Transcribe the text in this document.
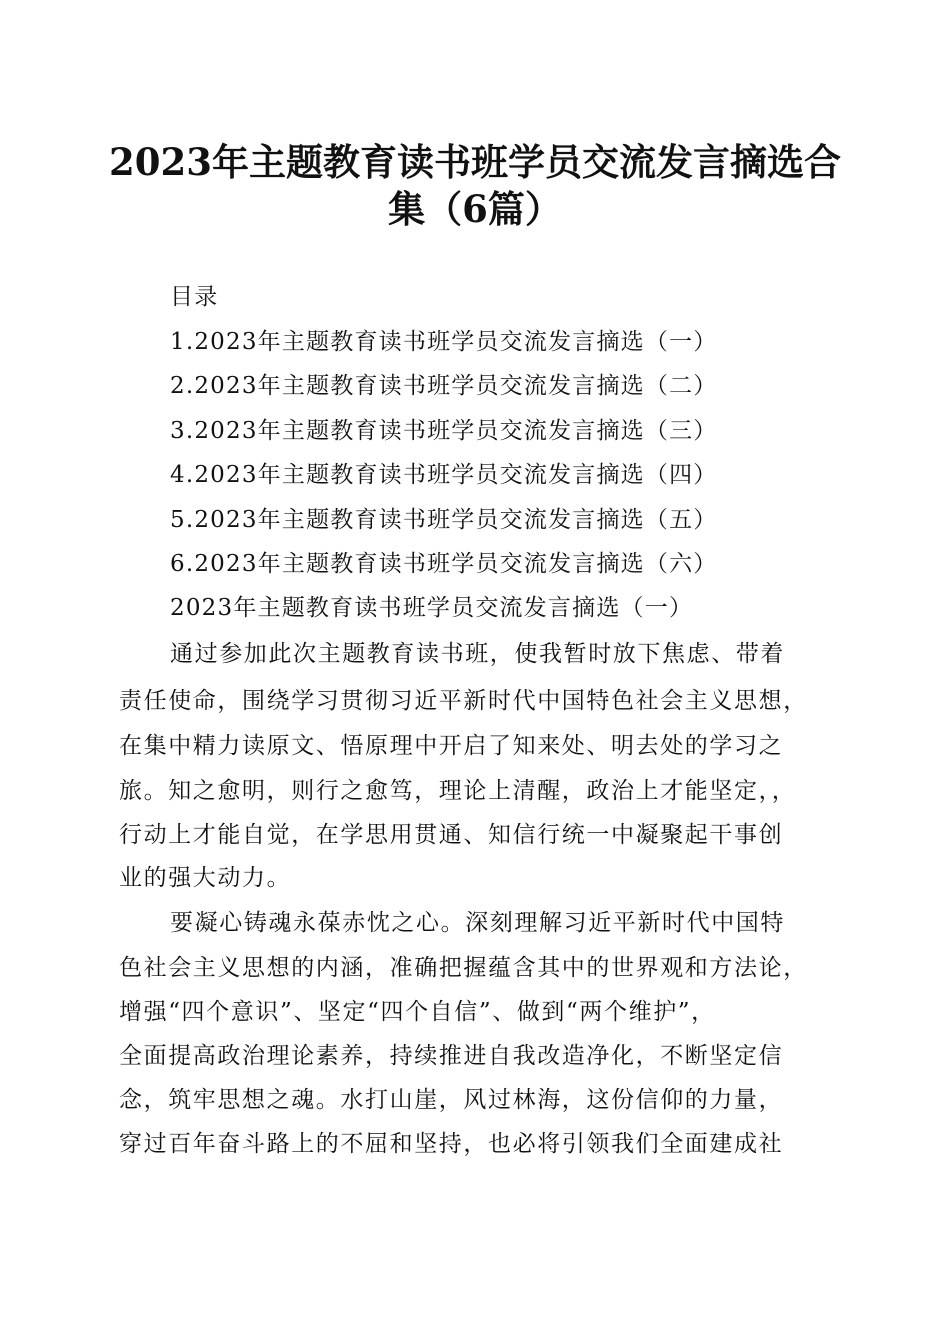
2023年主题教育读书班学员交流发言摘选合
集（6篇）

目录

1.2023年主题教育读书班学员交流发言摘选（一）

2.2023年主题教育读书班学员交流发言摘选（二）

3.2023年主题教育读书班学员交流发言摘选（三）

4.2023年主题教育读书班学员交流发言摘选（四）

5.2023年主题教育读书班学员交流发言摘选（五）

6.2023年主题教育读书班学员交流发言摘选（六）

2023年主题教育读书班学员交流发言摘选（一）

通过参加此次主题教育读书班，使我暂时放下焦虑、带着

责任使命，围绕学习贯彻习近平新时代中国特色社会主义思想，

在集中精力读原文、悟原理中开启了知来处、明去处的学习之

旅。知之愈明，则行之愈笃，理论上清醒，政治上才能坚定，，

行动上才能自觉，在学思用贯通、知信行统一中凝聚起干事创

业的强大动力。

要凝心铸魂永葆赤忱之心。深刻理解习近平新时代中国特

色社会主义思想的内涵，准确把握蕴含其中的世界观和方法论，

增强“四个意识”、坚定“四个自信”、做到“两个维护”，

全面提高政治理论素养，持续推进自我改造净化，不断坚定信

念，筑牢思想之魂。水打山崖，风过林海，这份信仰的力量，

穿过百年奋斗路上的不屈和坚持，也必将引领我们全面建成社
